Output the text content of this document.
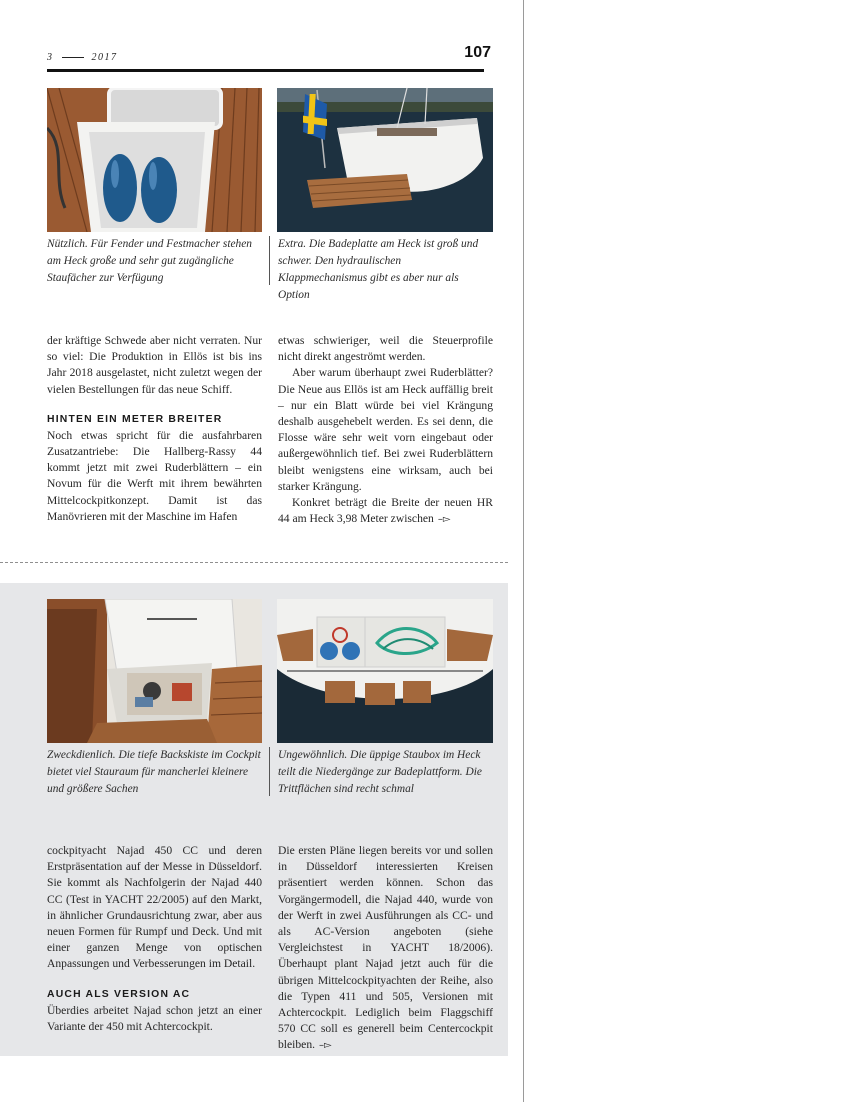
3	2017	107
Nützlich. Für Fender und Festmacher stehen am Heck große und sehr gut zugängliche Staufächer zur Verfügung
Extra. Die Badeplatte am Heck ist groß und schwer. Den hydraulischen Klappmechanismus gibt es aber nur als Option

der kräftige Schwede aber nicht verraten. Nur so viel: Die Produktion in Ellös ist bis ins Jahr 2018 ausgelastet, nicht zuletzt wegen der vielen Bestellungen für das neue Schiff.

HINTEN EIN METER BREITER

Noch etwas spricht für die ausfahrbaren Zusatzantriebe: Die Hallberg-Rassy 44 kommt jetzt mit zwei Ruderblättern – ein Novum für die Werft mit ihrem bewährten Mittelcockpitkonzept. Damit ist das Manövrieren mit der Maschine im Hafen

etwas schwieriger, weil die Steuerprofile nicht direkt angeströmt werden.

Aber warum überhaupt zwei Ruderblätter? Die Neue aus Ellös ist am Heck auffällig breit – nur ein Blatt würde bei viel Krängung deshalb ausgehebelt werden. Es sei denn, die Flosse wäre sehr weit vorn eingebaut oder außergewöhnlich tief. Bei zwei Ruderblättern bleibt wenigstens eine wirksam, auch bei starker Krängung.

Konkret beträgt die Breite der neuen HR 44 am Heck 3,98 Meter zwischen –▻

Zweckdienlich. Die tiefe Backskiste im Cockpit bietet viel Stauraum für mancherlei kleinere und größere Sachen
Ungewöhnlich. Die üppige Staubox im Heck teilt die Niedergänge zur Badeplattform. Die Trittflächen sind recht schmal

cockpityacht Najad 450 CC und deren Erstpräsentation auf der Messe in Düsseldorf. Sie kommt als Nachfolgerin der Najad 440 CC (Test in YACHT 22/2005) auf den Markt, in ähnlicher Grundausrichtung zwar, aber aus neuen Formen für Rumpf und Deck. Und mit einer ganzen Menge von optischen Anpassungen und Verbesserungen im Detail.

AUCH ALS VERSION AC

Überdies arbeitet Najad schon jetzt an einer Variante der 450 mit Achtercockpit.

Die ersten Pläne liegen bereits vor und sollen in Düsseldorf interessierten Kreisen präsentiert werden können. Schon das Vorgängermodell, die Najad 440, wurde von der Werft in zwei Ausführungen als CC- und als AC-Version angeboten (siehe Vergleichstest in YACHT 18/2006). Überhaupt plant Najad jetzt auch für die übrigen Mittelcockpityachten der Reihe, also die Typen 411 und 505, Versionen mit Achtercockpit. Lediglich beim Flaggschiff 570 CC soll es generell beim Centercockpit bleiben. –▻
